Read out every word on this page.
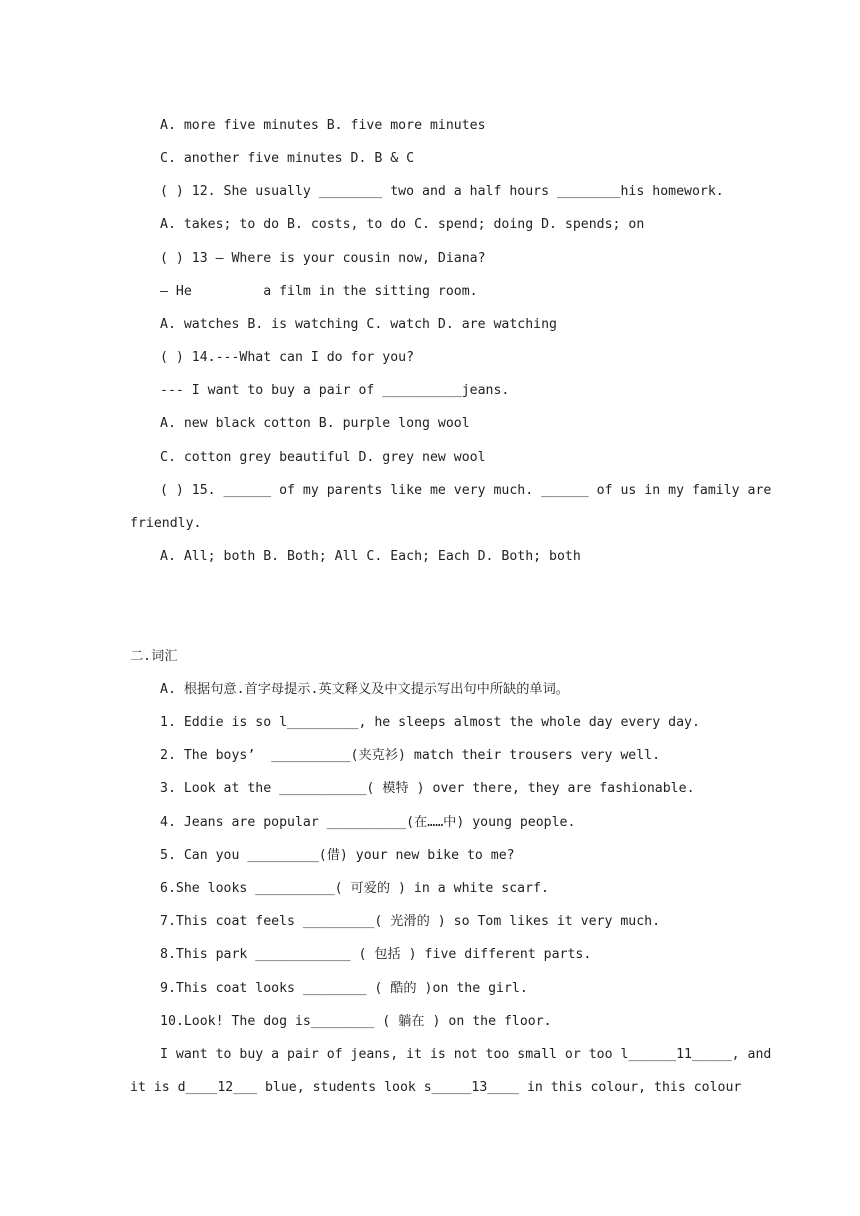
A. more five minutes B. five more minutes
C. another five minutes D. B & C
( ) 12. She usually ________ two and a half hours ________his homework.
A. takes; to do B. costs, to do C. spend; doing D. spends; on
( ) 13 — Where is your cousin now, Diana?
— He         a film in the sitting room.
A. watches B. is watching C. watch D. are watching
( ) 14.---What can I do for you?
--- I want to buy a pair of __________jeans.
A. new black cotton B. purple long wool
C. cotton grey beautiful D. grey new wool
( ) 15. ______ of my parents like me very much. ______ of us in my family are
friendly.
A. All; both B. Both; All C. Each; Each D. Both; both
二.词汇
A. 根据句意.首字母提示.英文释义及中文提示写出句中所缺的单词。
1. Eddie is so l_________, he sleeps almost the whole day every day.
2. The boys’  __________(夹克衫) match their trousers very well.
3. Look at the ___________( 模特 ) over there, they are fashionable.
4. Jeans are popular __________(在……中) young people.
5. Can you _________(借) your new bike to me?
6.She looks __________( 可爱的 ) in a white scarf.
7.This coat feels _________( 光滑的 ) so Tom likes it very much.
8.This park ____________ ( 包括 ) five different parts.
9.This coat looks ________ ( 酷的 )on the girl.
10.Look! The dog is________ ( 躺在 ) on the floor.
I want to buy a pair of jeans, it is not too small or too l______11_____, and
it is d____12___ blue, students look s_____13____ in this colour, this colour
